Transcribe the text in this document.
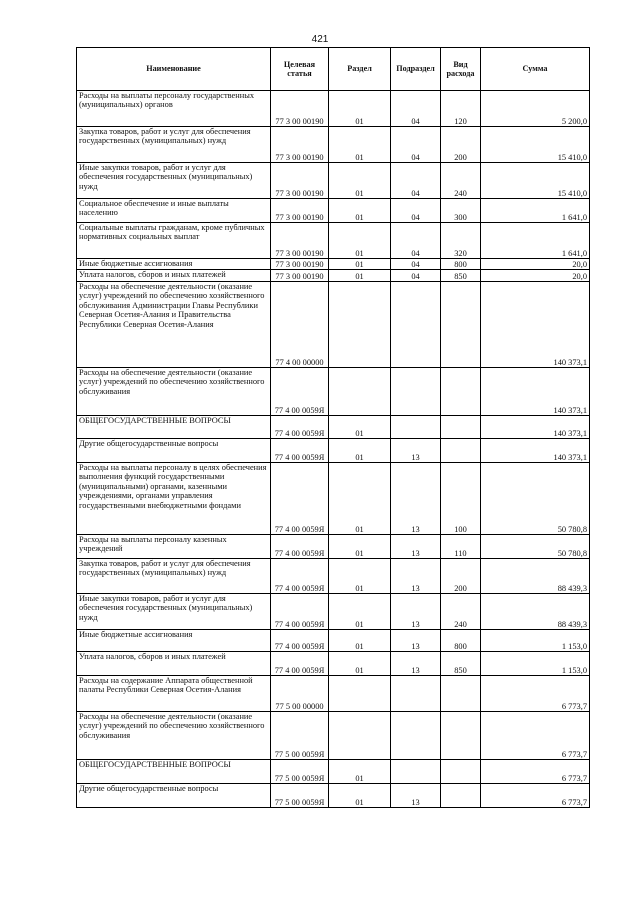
421
Наименование	Целевая статья	Раздел	Подраздел	Вид расхода	Сумма
Расходы на выплаты персоналу государственных (муниципальных) органов	77 3 00 00190	01	04	120	5 200,0
Закупка товаров, работ и услуг для обеспечения государственных (муниципальных) нужд	77 3 00 00190	01	04	200	15 410,0
Иные закупки товаров, работ и услуг для обеспечения государственных (муниципальных) нужд	77 3 00 00190	01	04	240	15 410,0
Социальное обеспечение и иные выплаты населению	77 3 00 00190	01	04	300	1 641,0
Социальные выплаты гражданам, кроме публичных нормативных социальных выплат	77 3 00 00190	01	04	320	1 641,0
Иные бюджетные ассигнования	77 3 00 00190	01	04	800	20,0
Уплата налогов, сборов и иных платежей	77 3 00 00190	01	04	850	20,0
Расходы на обеспечение деятельности (оказание услуг) учреждений по обеспечению хозяйственного обслуживания Администрации Главы Республики Северная Осетия-Алания и Правительства Республики Северная Осетия-Алания	77 4 00 00000				140 373,1
Расходы на обеспечение деятельности (оказание услуг) учреждений по обеспечению хозяйственного обслуживания	77 4 00 0059Я				140 373,1
ОБЩЕГОСУДАРСТВЕННЫЕ ВОПРОСЫ	77 4 00 0059Я	01			140 373,1
Другие общегосударственные вопросы	77 4 00 0059Я	01	13		140 373,1
Расходы на выплаты персоналу в целях обеспечения выполнения функций государственными (муниципальными) органами, казенными учреждениями, органами управления государственными внебюджетными фондами	77 4 00 0059Я	01	13	100	50 780,8
Расходы на выплаты персоналу казенных учреждений	77 4 00 0059Я	01	13	110	50 780,8
Закупка товаров, работ и услуг для обеспечения государственных (муниципальных) нужд	77 4 00 0059Я	01	13	200	88 439,3
Иные закупки товаров, работ и услуг для обеспечения государственных (муниципальных) нужд	77 4 00 0059Я	01	13	240	88 439,3
Иные бюджетные ассигнования	77 4 00 0059Я	01	13	800	1 153,0
Уплата налогов, сборов и иных платежей	77 4 00 0059Я	01	13	850	1 153,0
Расходы на содержание Аппарата общественной палаты Республики Северная Осетия-Алания	77 5 00 00000				6 773,7
Расходы на обеспечение деятельности (оказание услуг) учреждений по обеспечению хозяйственного обслуживания	77 5 00 0059Я				6 773,7
ОБЩЕГОСУДАРСТВЕННЫЕ ВОПРОСЫ	77 5 00 0059Я	01			6 773,7
Другие общегосударственные вопросы	77 5 00 0059Я	01	13		6 773,7
